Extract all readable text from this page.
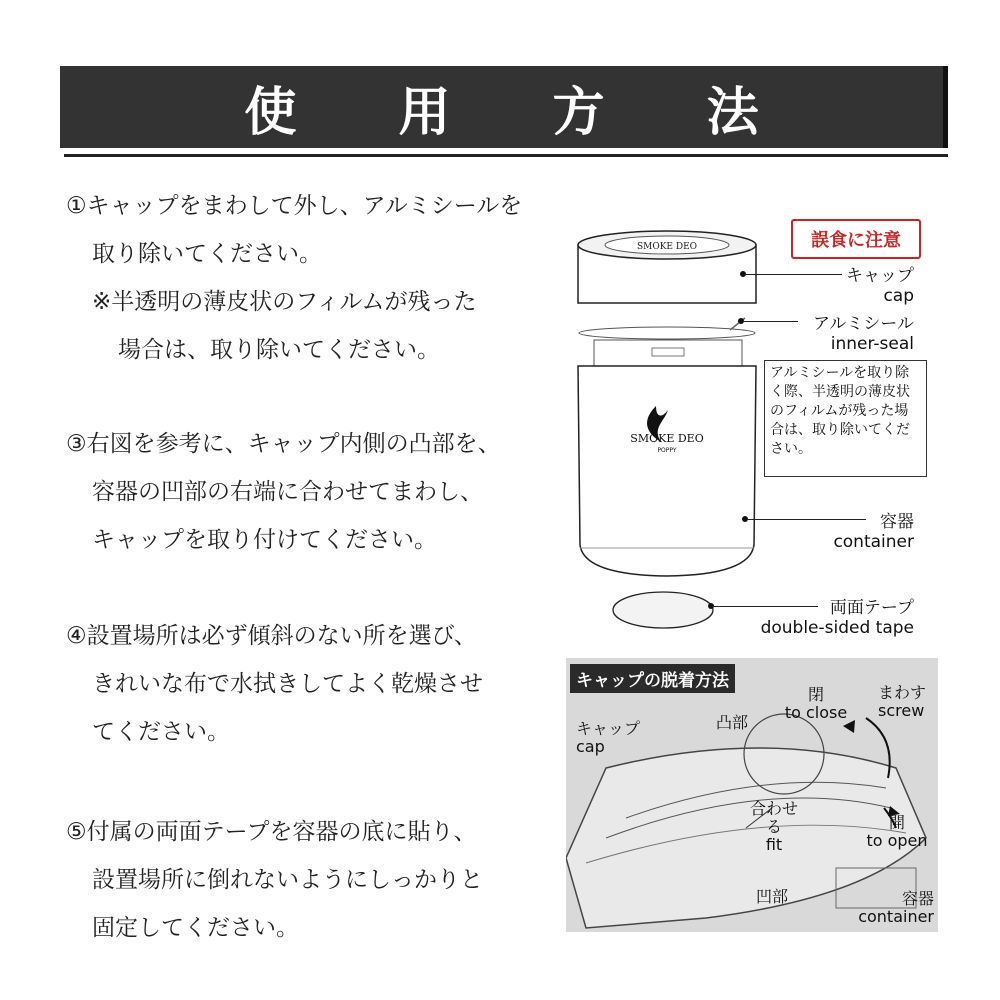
使 用 方 法
①キャップをまわして外し、アルミシールを
取り除いてください。
※半透明の薄皮状のフィルムが残った
場合は、取り除いてください。
③右図を参考に、キャップ内側の凸部を、
容器の凹部の右端に合わせてまわし、
キャップを取り付けてください。
④設置場所は必ず傾斜のない所を選び、
きれいな布で水拭きしてよく乾燥させ
てください。
⑤付属の両面テープを容器の底に貼り、
設置場所に倒れないようにしっかりと
固定してください。
SMOKE DEO
SMOKE DEO
POPPY
誤食に注意
キャップ
cap
アルミシール
inner-seal
アルミシールを取り除く際、半透明の薄皮状のフィルムが残った場合は、取り除いてください。
容器
container
両面テープ
double-sided tape
キャップの脱着方法
キャップ
cap
凸部
閉
to close
まわす
screw
合わせる
fit
開
to open
凹部	容器
container
